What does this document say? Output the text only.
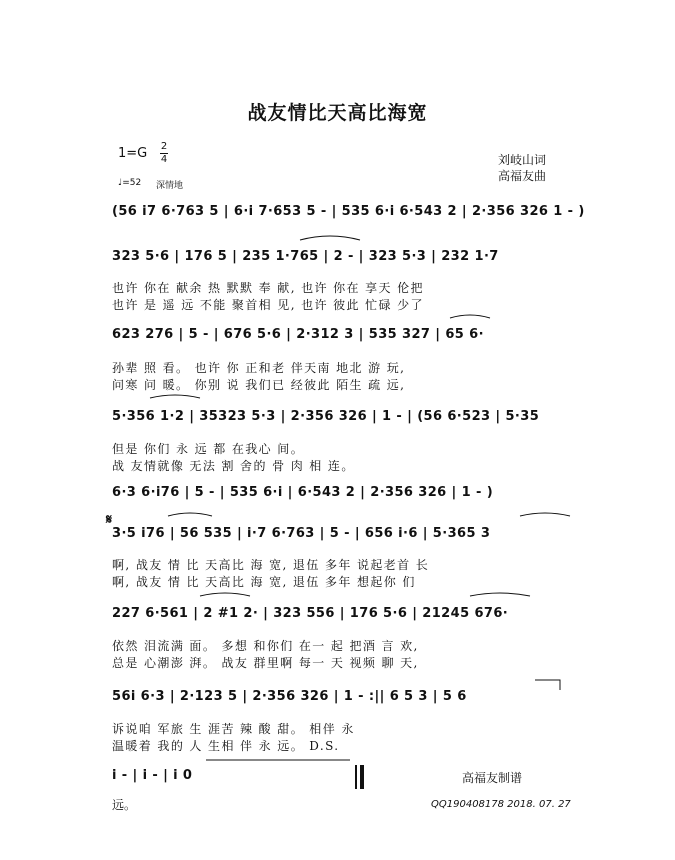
战友情比天高比海宽
1=G 2
4
♩=52 深情地
刘岐山词
高福友曲
(56 i7 6·763 5 | 6·i 7·653 5 - | 535 6·i 6·543 2 | 2·356 326 1 - )
323 5·6 | 176 5 | 235 1·765 | 2 - | 323 5·3 | 232 1·7
也许 你在 献余 热 默默 奉 献, 也许 你在 享天 伦把
也许 是 遥 远 不能 聚首相 见, 也许 彼此 忙碌 少了
623 276 | 5 - | 676 5·6 | 2·312 3 | 535 327 | 65 6·
孙辈 照 看。 也许 你 正和老 伴天南 地北 游 玩,
问寒 问 暖。 你别 说 我们已 经彼此 陌生 疏 远,
5·356 1·2 | 35323 5·3 | 2·356 326 | 1 - | (56 6·523 | 5·35
但是 你们 永 远 都 在我心 间。
战 友情就像 无法 割 舍的 骨 肉 相 连。
6·3 6·i76 | 5 - | 535 6·i | 6·543 2 | 2·356 326 | 1 - )
𝄋
3·5 i76 | 56 535 | i·7 6·763 | 5 - | 656 i·6 | 5·365 3
啊, 战友 情 比 天高比 海 宽, 退伍 多年 说起老首 长
啊, 战友 情 比 天高比 海 宽, 退伍 多年 想起你 们
227 6·561 | 2 #1 2· | 323 556 | 176 5·6 | 21245 676·
依然 泪流满 面。 多想 和你们 在一 起 把酒 言 欢,
总是 心潮澎 湃。 战友 群里啊 每一 天 视频 聊 天,
56i 6·3 | 2·123 5 | 2·356 326 | 1 - :|| 6 5 3 | 5 6
诉说咱 军旅 生 涯苦 辣 酸 甜。 相伴 永
温暖着 我的 人 生相 伴 永 远。 D.S.
i - | i - | i 0
远。
高福友制谱
QQ190408178 2018. 07. 27
